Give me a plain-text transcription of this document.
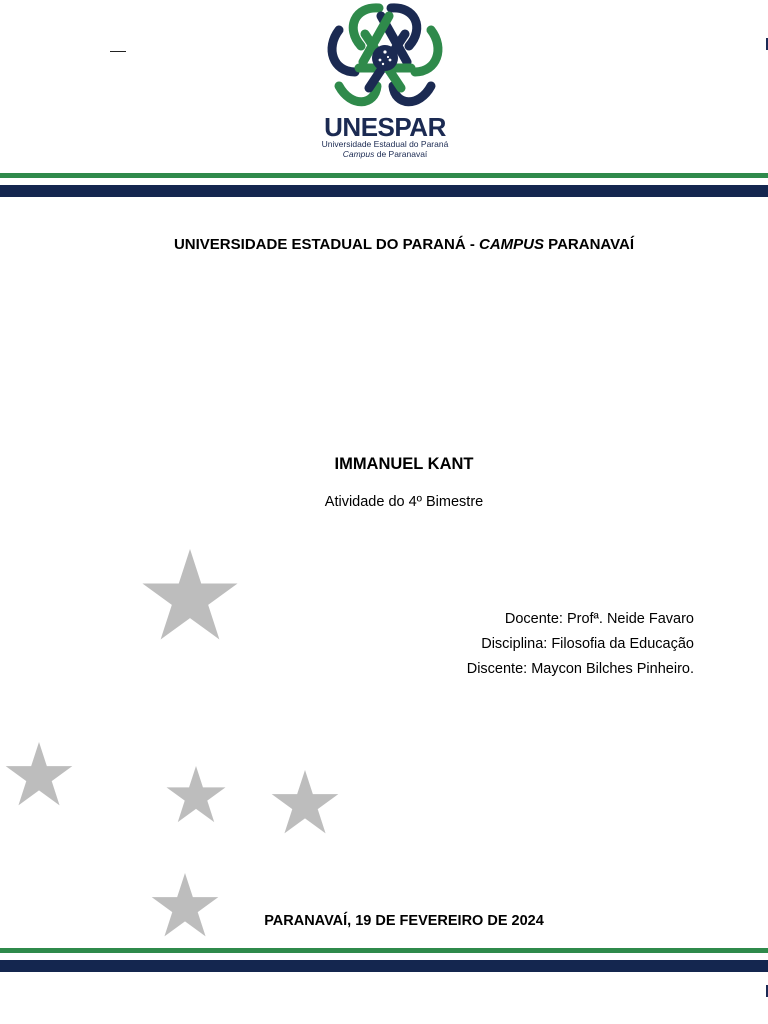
UNESPAR
Universidade Estadual do Paraná
Campus de Paranavaí
UNIVERSIDADE ESTADUAL DO PARANÁ - CAMPUS PARANAVAÍ
IMMANUEL KANT
Atividade do 4º Bimestre
Docente: Profª. Neide Favaro
Disciplina: Filosofia da Educação
Discente: Maycon Bilches Pinheiro.
PARANAVAÍ, 19 DE FEVEREIRO DE 2024
